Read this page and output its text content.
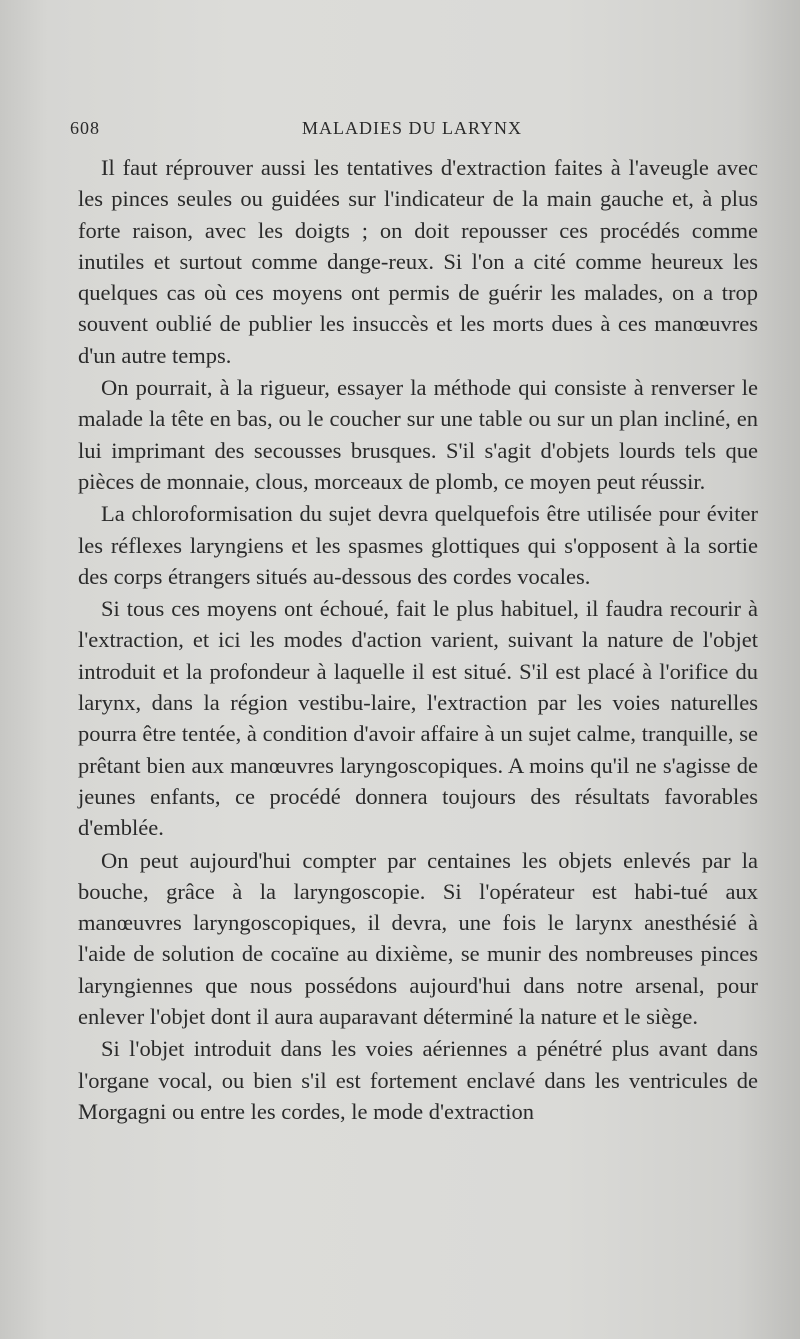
608	MALADIES DU LARYNX

Il faut réprouver aussi les tentatives d'extraction faites à l'aveugle avec les pinces seules ou guidées sur l'indicateur de la main gauche et, à plus forte raison, avec les doigts ; on doit repousser ces procédés comme inutiles et surtout comme dange-reux. Si l'on a cité comme heureux les quelques cas où ces moyens ont permis de guérir les malades, on a trop souvent oublié de publier les insuccès et les morts dues à ces manœuvres d'un autre temps.

On pourrait, à la rigueur, essayer la méthode qui consiste à renverser le malade la tête en bas, ou le coucher sur une table ou sur un plan incliné, en lui imprimant des secousses brusques. S'il s'agit d'objets lourds tels que pièces de monnaie, clous, morceaux de plomb, ce moyen peut réussir.

La chloroformisation du sujet devra quelquefois être utilisée pour éviter les réflexes laryngiens et les spasmes glottiques qui s'opposent à la sortie des corps étrangers situés au-dessous des cordes vocales.

Si tous ces moyens ont échoué, fait le plus habituel, il faudra recourir à l'extraction, et ici les modes d'action varient, suivant la nature de l'objet introduit et la profondeur à laquelle il est situé. S'il est placé à l'orifice du larynx, dans la région vestibu-laire, l'extraction par les voies naturelles pourra être tentée, à condition d'avoir affaire à un sujet calme, tranquille, se prêtant bien aux manœuvres laryngoscopiques. A moins qu'il ne s'agisse de jeunes enfants, ce procédé donnera toujours des résultats favorables d'emblée.

On peut aujourd'hui compter par centaines les objets enlevés par la bouche, grâce à la laryngoscopie. Si l'opérateur est habi-tué aux manœuvres laryngoscopiques, il devra, une fois le larynx anesthésié à l'aide de solution de cocaïne au dixième, se munir des nombreuses pinces laryngiennes que nous possédons aujourd'hui dans notre arsenal, pour enlever l'objet dont il aura auparavant déterminé la nature et le siège.

Si l'objet introduit dans les voies aériennes a pénétré plus avant dans l'organe vocal, ou bien s'il est fortement enclavé dans les ventricules de Morgagni ou entre les cordes, le mode d'extraction
